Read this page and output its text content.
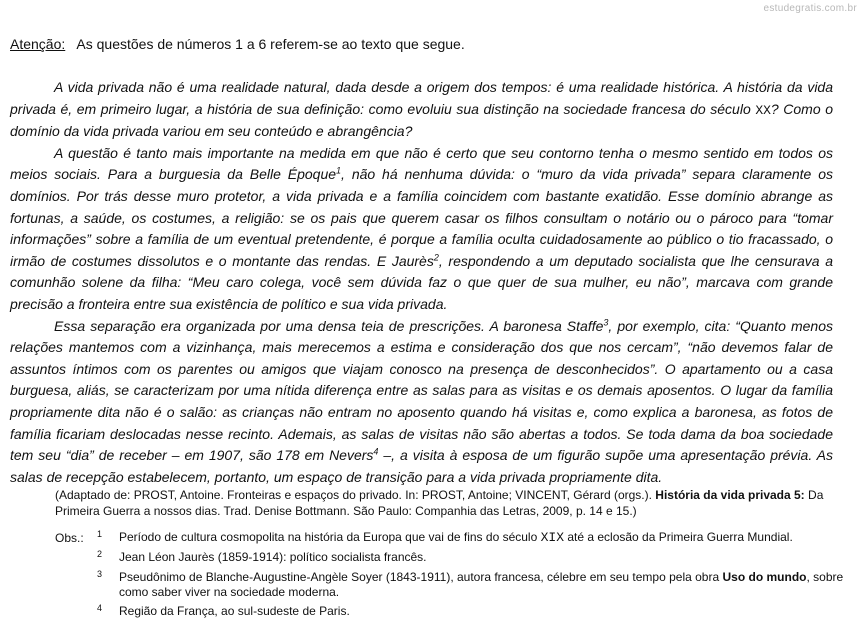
estudegratis.com.br
Atenção: As questões de números 1 a 6 referem-se ao texto que segue.

A vida privada não é uma realidade natural, dada desde a origem dos tempos: é uma realidade histórica. A história da vida privada é, em primeiro lugar, a história de sua definição: como evoluiu sua distinção na sociedade francesa do século XX? Como o domínio da vida privada variou em seu conteúdo e abrangência?

A questão é tanto mais importante na medida em que não é certo que seu contorno tenha o mesmo sentido em todos os meios sociais. Para a burguesia da Belle Époque$^1$, não há nenhuma dúvida: o “muro da vida privada” separa claramente os domínios. Por trás desse muro protetor, a vida privada e a família coincidem com bastante exatidão. Esse domínio abrange as fortunas, a saúde, os costumes, a religião: se os pais que querem casar os filhos consultam o notário ou o pároco para “tomar informações” sobre a família de um eventual pretendente, é porque a família oculta cuidadosamente ao público o tio fracassado, o irmão de costumes dissolutos e o montante das rendas. E Jaurès$^2$, respondendo a um deputado socialista que lhe censurava a comunhão solene da filha: “Meu caro colega, você sem dúvida faz o que quer de sua mulher, eu não”, marcava com grande precisão a fronteira entre sua existência de político e sua vida privada.

Essa separação era organizada por uma densa teia de prescrições. A baronesa Staffe$^3$, por exemplo, cita: “Quanto menos relações mantemos com a vizinhança, mais merecemos a estima e consideração dos que nos cercam”, “não devemos falar de assuntos íntimos com os parentes ou amigos que viajam conosco na presença de desconhecidos”. O apartamento ou a casa burguesa, aliás, se caracterizam por uma nítida diferença entre as salas para as visitas e os demais aposentos. O lugar da família propriamente dita não é o salão: as crianças não entram no aposento quando há visitas e, como explica a baronesa, as fotos de família ficariam deslocadas nesse recinto. Ademais, as salas de visitas não são abertas a todos. Se toda dama da boa sociedade tem seu “dia” de receber – em 1907, são 178 em Nevers$^4$ –, a visita à esposa de um figurão supõe uma apresentação prévia. As salas de recepção estabelecem, portanto, um espaço de transição para a vida privada propriamente dita.

(Adaptado de: PROST, Antoine. Fronteiras e espaços do privado. In: PROST, Antoine; VINCENT, Gérard (orgs.). História da vida privada 5: Da Primeira Guerra a nossos dias. Trad. Denise Bottmann. São Paulo: Companhia das Letras, 2009, p. 14 e 15.)

Obs.: 1 Período de cultura cosmopolita na história da Europa que vai de fins do século XIX até a eclosão da Primeira Guerra Mundial.

2 Jean Léon Jaurès (1859-1914): político socialista francês.

3 Pseudônimo de Blanche-Augustine-Angèle Soyer (1843-1911), autora francesa, célebre em seu tempo pela obra Uso do mundo, sobre como saber viver na sociedade moderna.

4 Região da França, ao sul-sudeste de Paris.
